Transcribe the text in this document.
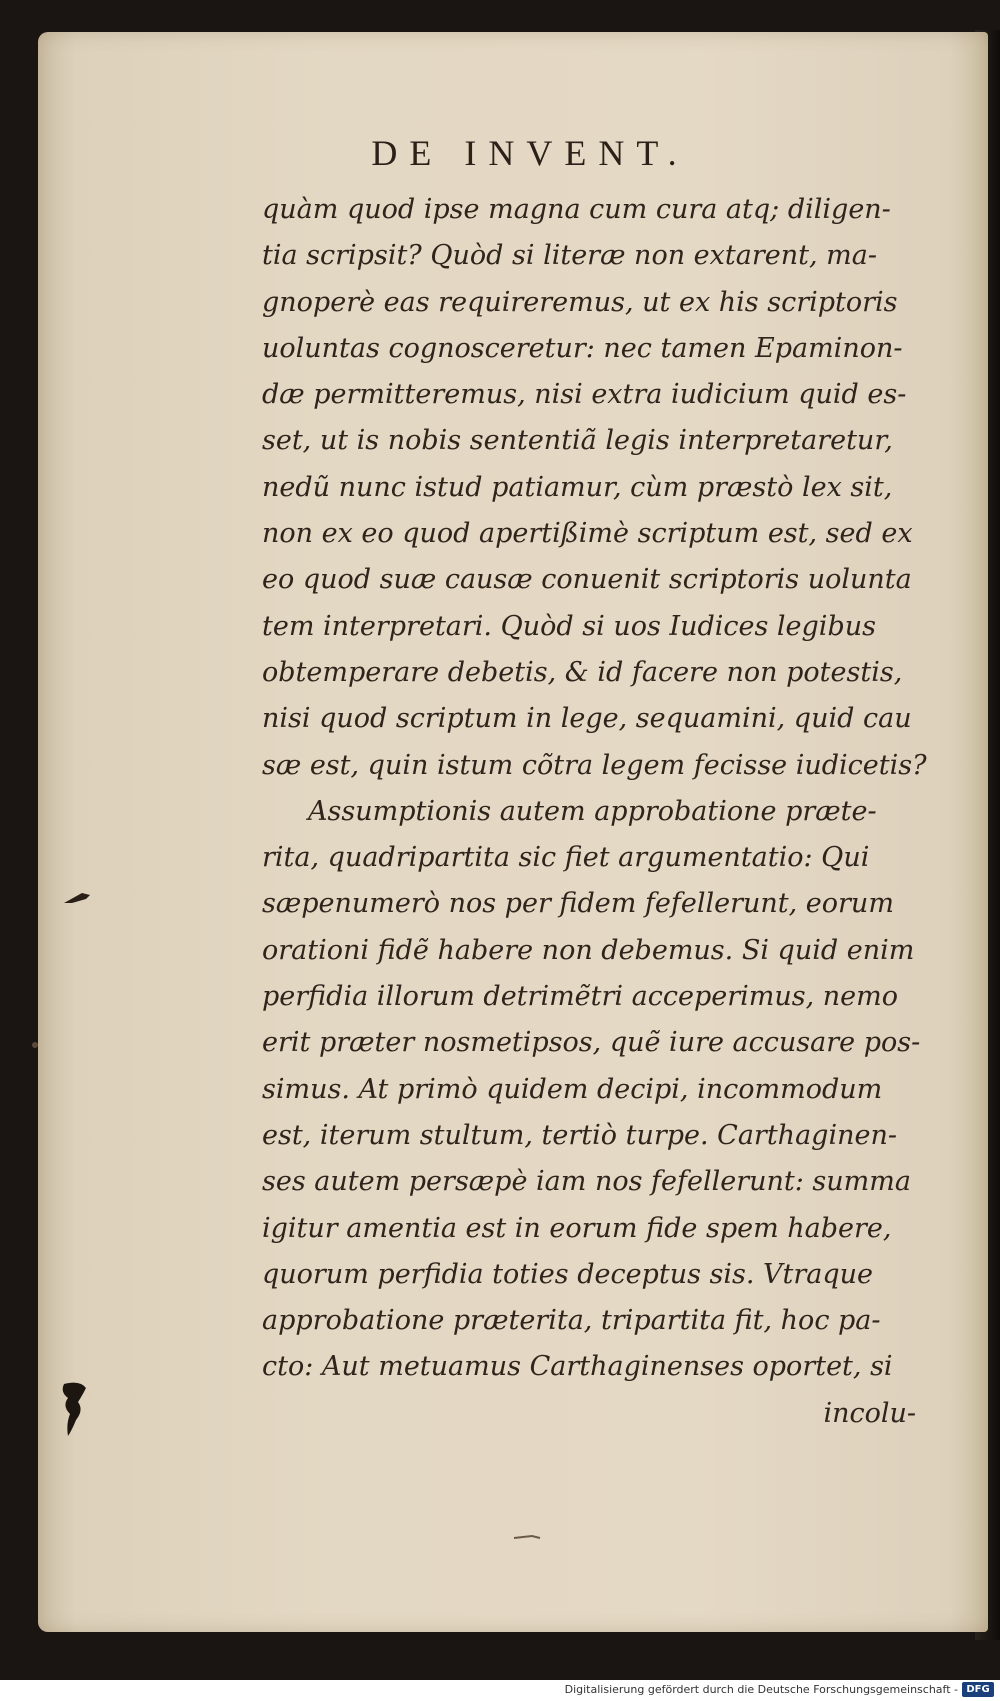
DE INVENT.
quàm quod ipse magna cum cura atq; diligen-
tia scripsit? Quòd si literæ non extarent, ma-
gnoperè eas requireremus, ut ex his scriptoris
uoluntas cognosceretur: nec tamen Epaminon-
dæ permitteremus, nisi extra iudicium quid es-
set, ut is nobis sententiã legis interpretaretur,
nedũ nunc istud patiamur, cùm præstò lex sit,
non ex eo quod apertißimè scriptum est, sed ex
eo quod suæ causæ conuenit scriptoris uolunta
tem interpretari. Quòd si uos Iudices legibus
obtemperare debetis, & id facere non potestis,
nisi quod scriptum in lege, sequamini, quid cau
sæ est, quin istum cõtra legem fecisse iudicetis?
Assumptionis autem approbatione præte-
rita, quadripartita sic fiet argumentatio: Qui
sæpenumerò nos per fidem fefellerunt, eorum
orationi fidẽ habere non debemus. Si quid enim
perfidia illorum detrimẽtri acceperimus, nemo
erit præter nosmetipsos, quẽ iure accusare pos-
simus. At primò quidem decipi, incommodum
est, iterum stultum, tertiò turpe. Carthaginen-
ses autem persæpè iam nos fefellerunt: summa
igitur amentia est in eorum fide spem habere,
quorum perfidia toties deceptus sis. Vtraque
approbatione præterita, tripartita fit, hoc pa-
cto: Aut metuamus Carthaginenses oportet, si
incolu-
Digitalisierung gefördert durch die Deutsche Forschungsgemeinschaft - DFG
